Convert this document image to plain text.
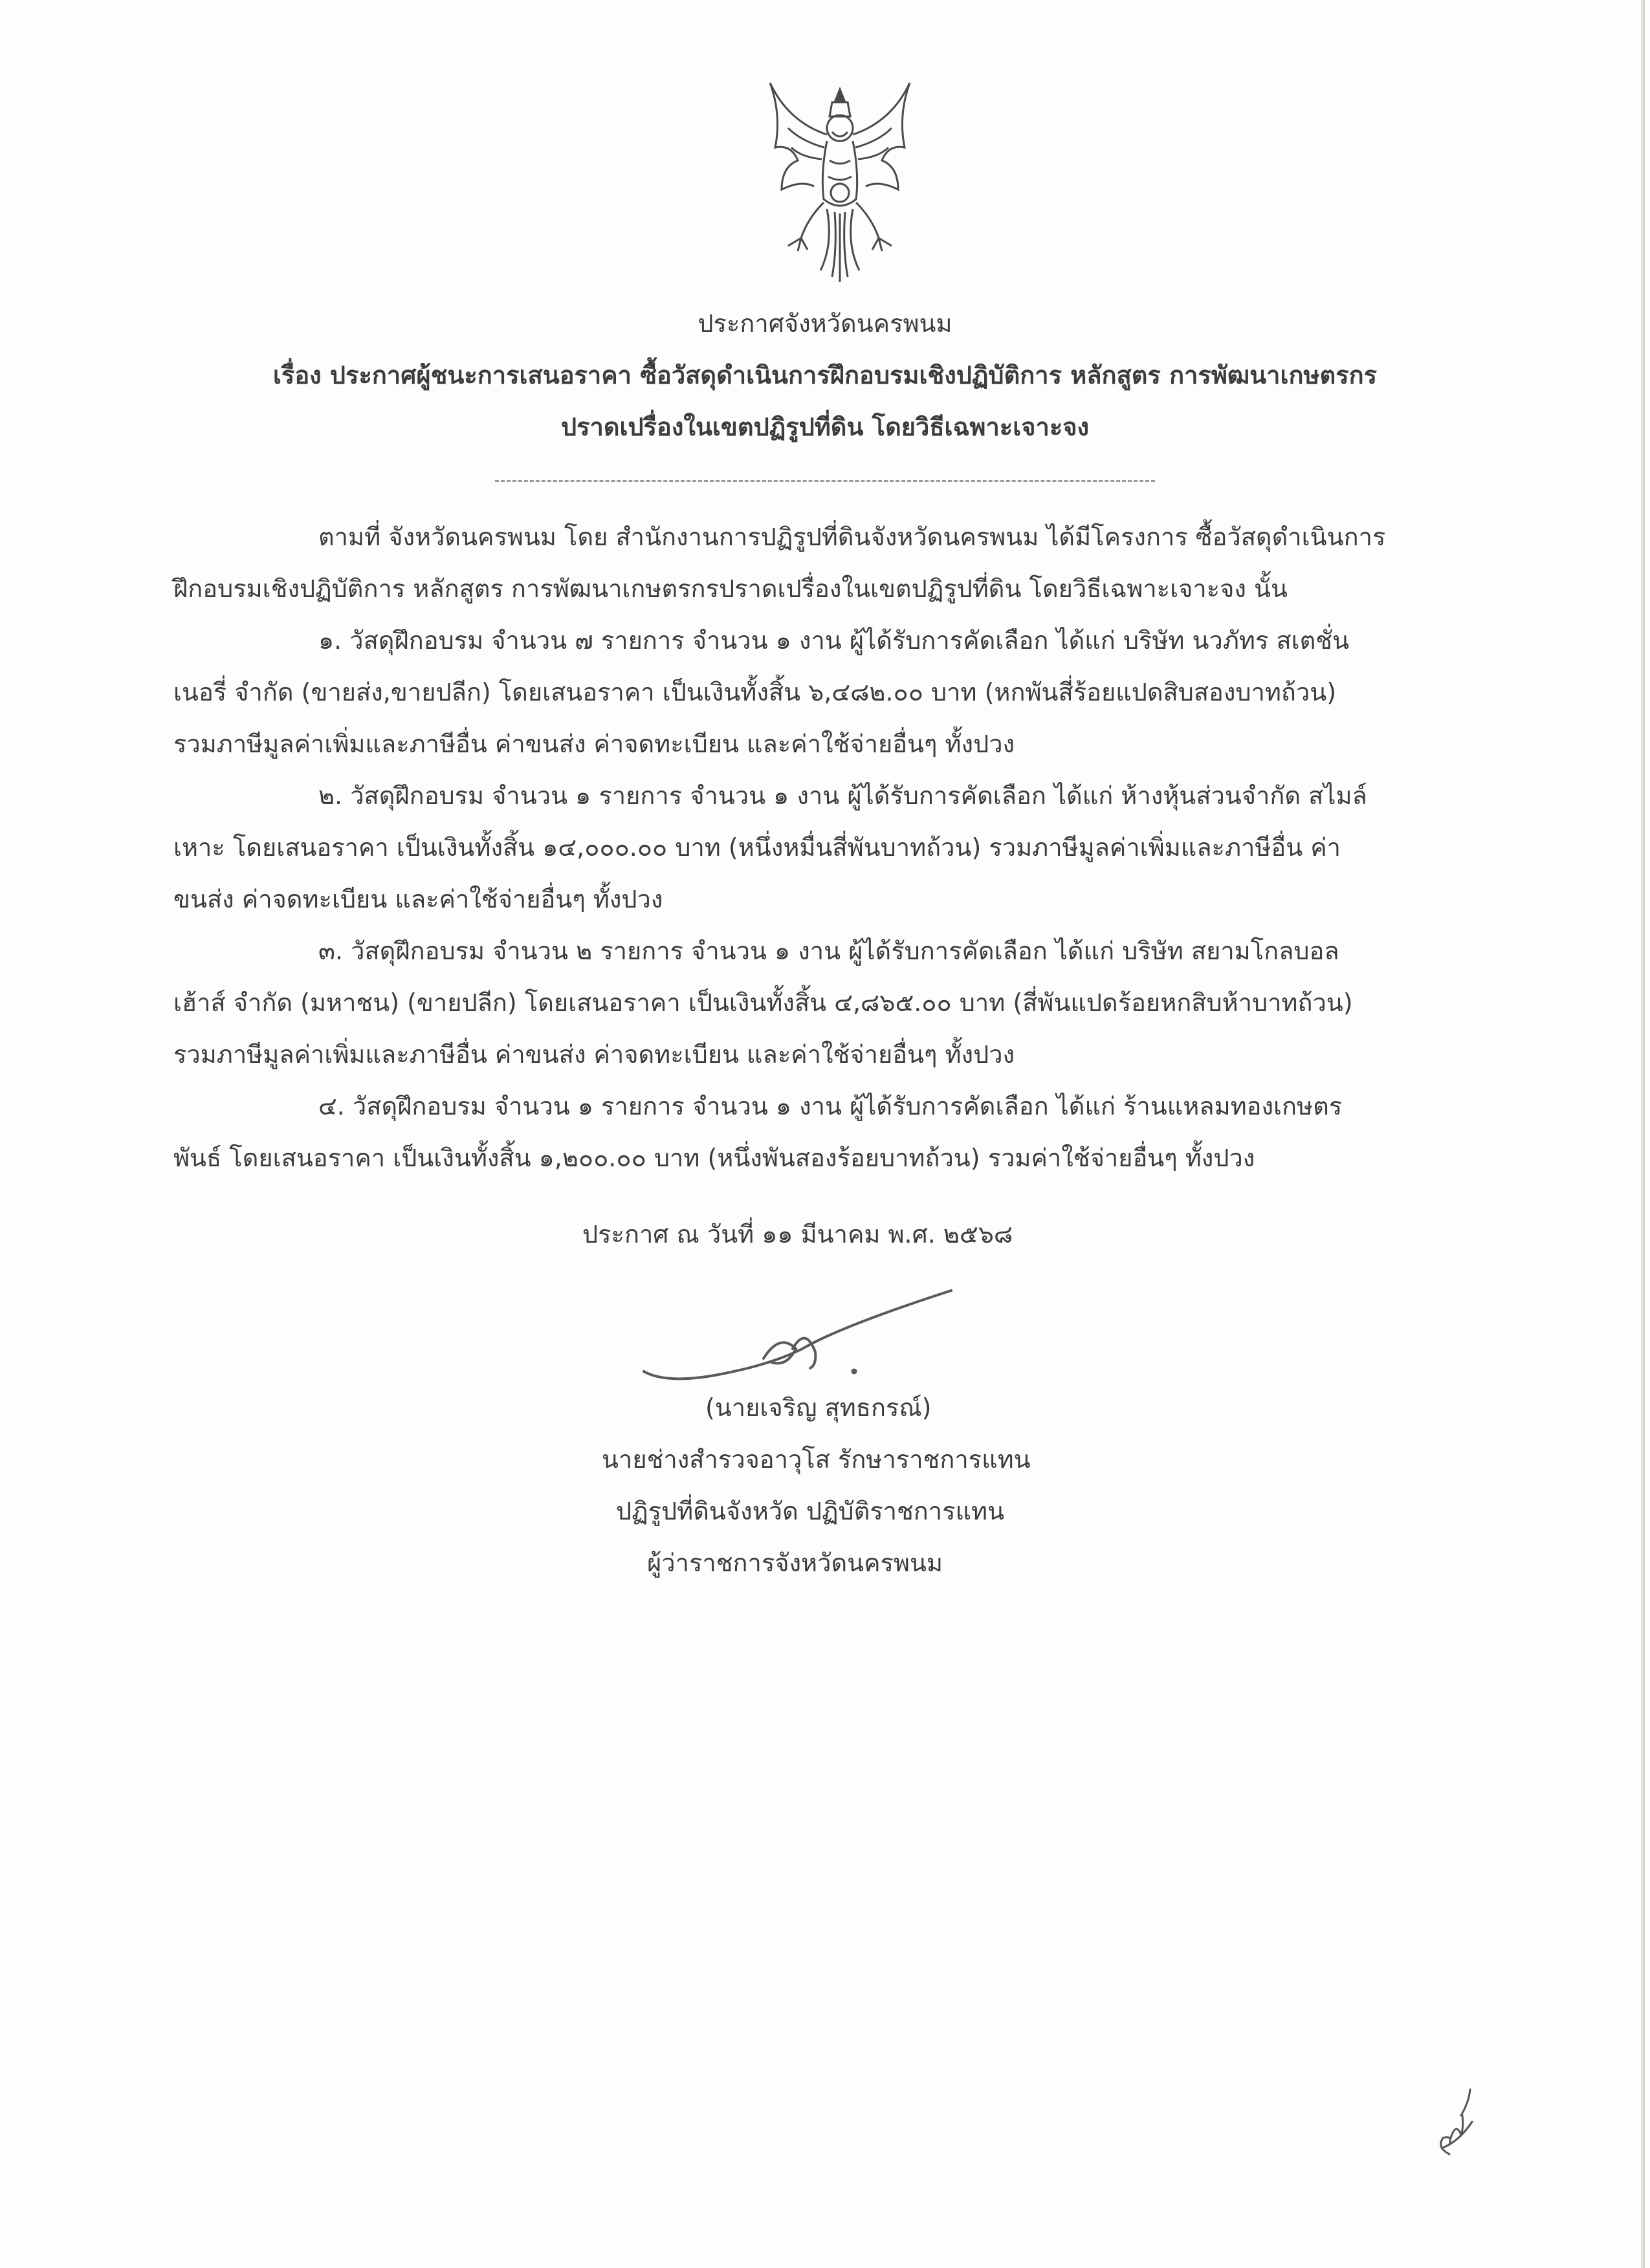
ประกาศจังหวัดนครพนม
เรื่อง ประกาศผู้ชนะการเสนอราคา ซื้อวัสดุดำเนินการฝึกอบรมเชิงปฏิบัติการ หลักสูตร การพัฒนาเกษตรกร
ปราดเปรื่องในเขตปฏิรูปที่ดิน โดยวิธีเฉพาะเจาะจง
ตามที่ จังหวัดนครพนม โดย สำนักงานการปฏิรูปที่ดินจังหวัดนครพนม ได้มีโครงการ ซื้อวัสดุดำเนินการ
ฝึกอบรมเชิงปฏิบัติการ หลักสูตร การพัฒนาเกษตรกรปราดเปรื่องในเขตปฏิรูปที่ดิน โดยวิธีเฉพาะเจาะจง นั้น
๑. วัสดุฝึกอบรม จำนวน ๗ รายการ จำนวน ๑ งาน ผู้ได้รับการคัดเลือก ได้แก่ บริษัท นวภัทร สเตชั่น
เนอรี่ จำกัด (ขายส่ง,ขายปลีก) โดยเสนอราคา เป็นเงินทั้งสิ้น ๖,๔๘๒.๐๐ บาท (หกพันสี่ร้อยแปดสิบสองบาทถ้วน)
รวมภาษีมูลค่าเพิ่มและภาษีอื่น ค่าขนส่ง ค่าจดทะเบียน และค่าใช้จ่ายอื่นๆ ทั้งปวง
๒. วัสดุฝึกอบรม จำนวน ๑ รายการ จำนวน ๑ งาน ผู้ได้รับการคัดเลือก ได้แก่ ห้างหุ้นส่วนจำกัด สไมล์
เหาะ โดยเสนอราคา เป็นเงินทั้งสิ้น ๑๔,๐๐๐.๐๐ บาท (หนึ่งหมื่นสี่พันบาทถ้วน) รวมภาษีมูลค่าเพิ่มและภาษีอื่น ค่า
ขนส่ง ค่าจดทะเบียน และค่าใช้จ่ายอื่นๆ ทั้งปวง
๓. วัสดุฝึกอบรม จำนวน ๒ รายการ จำนวน ๑ งาน ผู้ได้รับการคัดเลือก ได้แก่ บริษัท สยามโกลบอล
เฮ้าส์ จำกัด (มหาชน) (ขายปลีก) โดยเสนอราคา เป็นเงินทั้งสิ้น ๔,๘๖๕.๐๐ บาท (สี่พันแปดร้อยหกสิบห้าบาทถ้วน)
รวมภาษีมูลค่าเพิ่มและภาษีอื่น ค่าขนส่ง ค่าจดทะเบียน และค่าใช้จ่ายอื่นๆ ทั้งปวง
๔. วัสดุฝึกอบรม จำนวน ๑ รายการ จำนวน ๑ งาน ผู้ได้รับการคัดเลือก ได้แก่ ร้านแหลมทองเกษตร
พันธ์ โดยเสนอราคา เป็นเงินทั้งสิ้น ๑,๒๐๐.๐๐ บาท (หนึ่งพันสองร้อยบาทถ้วน) รวมค่าใช้จ่ายอื่นๆ ทั้งปวง
ประกาศ ณ วันที่ ๑๑ มีนาคม พ.ศ. ๒๕๖๘
(นายเจริญ สุทธกรณ์)
นายช่างสำรวจอาวุโส รักษาราชการแทน
ปฏิรูปที่ดินจังหวัด ปฏิบัติราชการแทน
ผู้ว่าราชการจังหวัดนครพนม
